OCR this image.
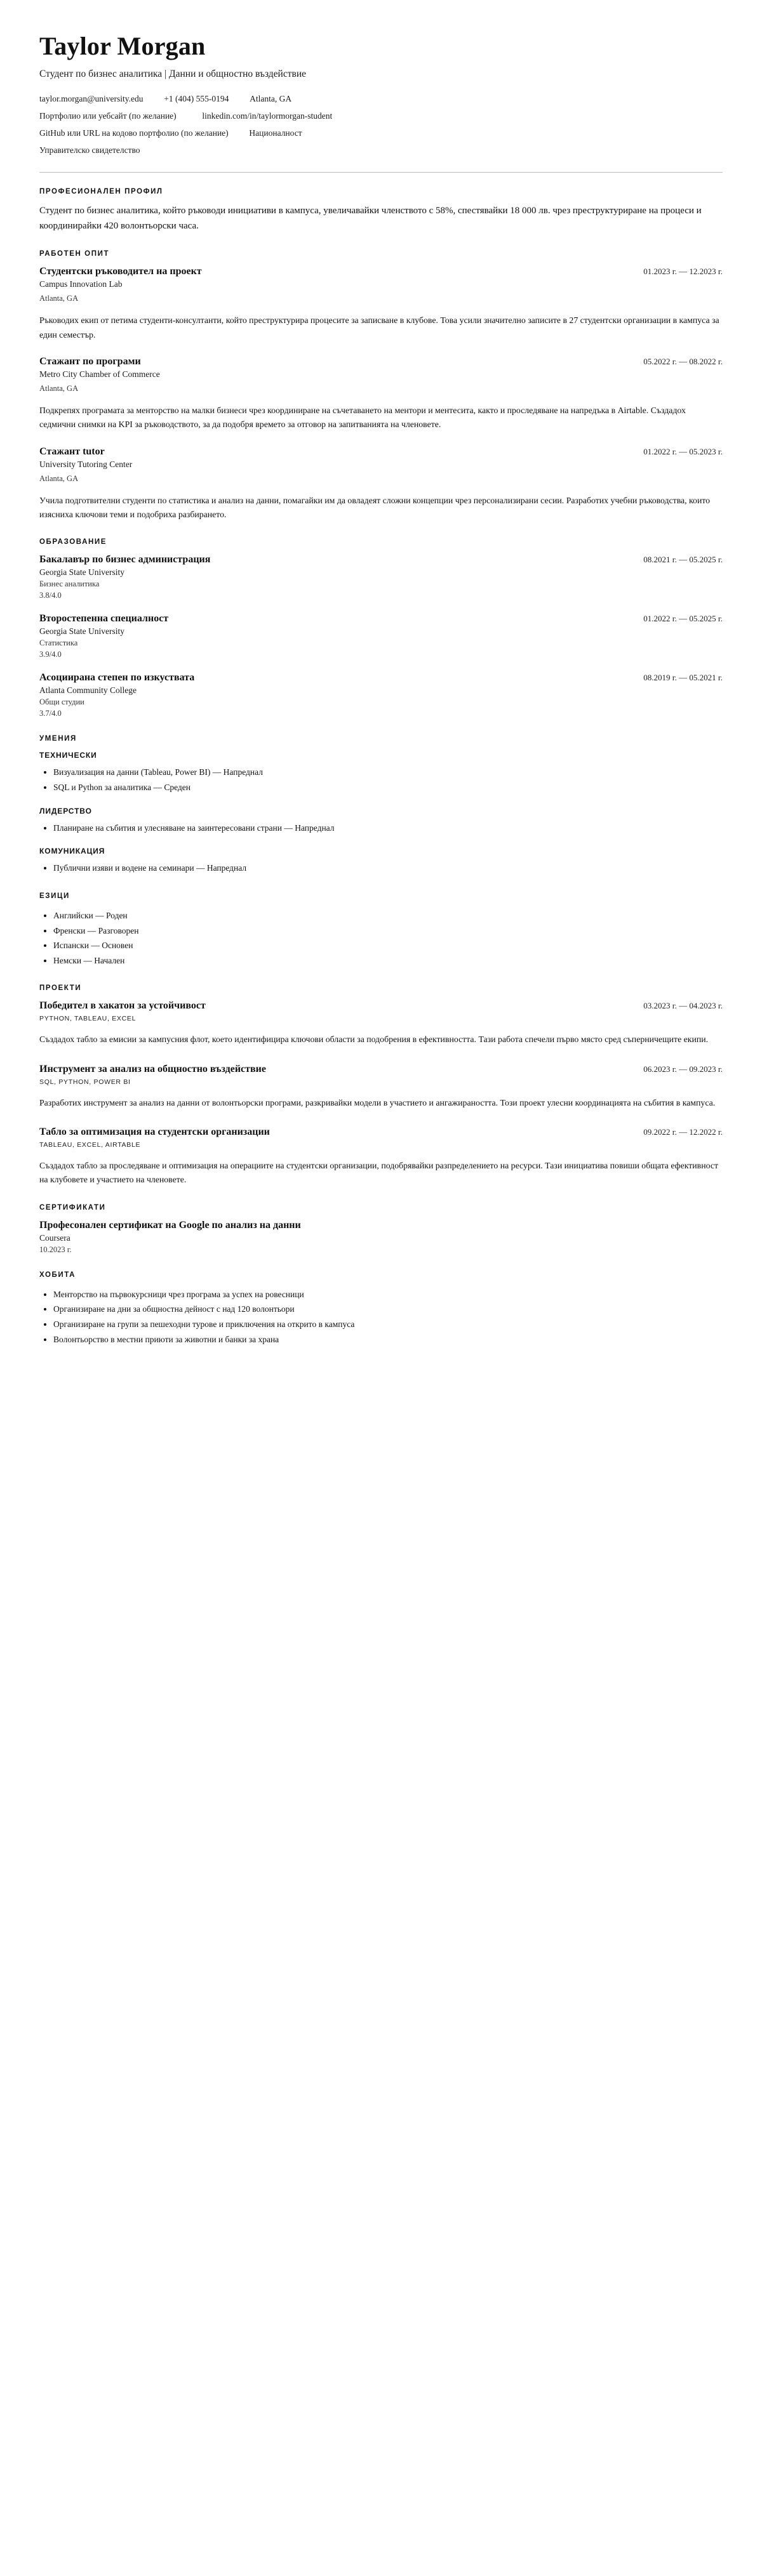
Taylor Morgan
Студент по бизнес аналитика | Данни и общностно въздействие
taylor.morgan@university.edu +1 (404) 555-0194 Atlanta, GA
Портфолио или уебсайт (по желание)	linkedin.com/in/taylormorgan-student
GitHub или URL на кодово портфолио (по желание) Националност
Управителско свидетелство
ПРОФЕСИОНАЛЕН ПРОФИЛ

Студент по бизнес аналитика, който ръководи инициативи в кампуса, увеличавайки членството с 58%, спестявайки 18 000 лв. чрез преструктуриране на процеси и координирайки 420 волонтьорски часа.

РАБОТЕН ОПИТ
Студентски ръководител на проект	01.2023 г. — 12.2023 г.
Campus Innovation Lab
Atlanta, GA

Ръководих екип от петима студенти-консултанти, който преструктурира процесите за записване в клубове. Това усили значително записите в 27 студентски организации в кампуса за един семестър.

Стажант по програми	05.2022 г. — 08.2022 г.
Metro City Chamber of Commerce
Atlanta, GA

Подкрепях програмата за менторство на малки бизнеси чрез координиране на съчетаването на ментори и ментесита, както и проследяване на напредъка в Airtable. Създадох седмични снимки на KPI за ръководството, за да подобря времето за отговор на запитванията на членовете.

Стажант tutor	01.2022 г. — 05.2023 г.
University Tutoring Center
Atlanta, GA

Учила подготвителни студенти по статистика и анализ на данни, помагайки им да овладеят сложни концепции чрез персонализирани сесии. Разработих учебни ръководства, които изясниха ключови теми и подобриха разбирането.

ОБРАЗОВАНИЕ
Бакалавър по бизнес администрация	08.2021 г. — 05.2025 г.
Georgia State University
Бизнес аналитика
3.8/4.0
Второстепенна специалност	01.2022 г. — 05.2025 г.
Georgia State University
Статистика
3.9/4.0
Асоциирана степен по изкуствата	08.2019 г. — 05.2021 г.
Atlanta Community College
Общи студии
3.7/4.0
УМЕНИЯ
ТЕХНИЧЕСКИ
• Визуализация на данни (Tableau, Power BI) — Напреднал
• SQL и Python за аналитика — Среден
ЛИДЕРСТВО
• Планиране на събития и улесняване на заинтересовани страни — Напреднал
КОМУНИКАЦИЯ
• Публични изяви и водене на семинари — Напреднал
ЕЗИЦИ
• Английски — Роден
• Френски — Разговорен
• Испански — Основен
• Немски — Начален
ПРОЕКТИ
Победител в хакатон за устойчивост	03.2023 г. — 04.2023 г.
PYTHON, TABLEAU, EXCEL

Създадох табло за емисии за кампусния флот, което идентифицира ключови области за подобрения в ефективността. Тази работа спечели първо място сред съперничещите екипи.

Инструмент за анализ на общностно въздействие	06.2023 г. — 09.2023 г.
SQL, PYTHON, POWER BI

Разработих инструмент за анализ на данни от волонтьорски програми, разкривайки модели в участието и ангажираността. Този проект улесни координацията на събития в кампуса.

Табло за оптимизация на студентски организации	09.2022 г. — 12.2022 г.
TABLEAU, EXCEL, AIRTABLE

Създадох табло за проследяване и оптимизация на операциите на студентски организации, подобрявайки разпределението на ресурси. Тази инициатива повиши общата ефективност на клубовете и участието на членовете.

СЕРТИФИКАТИ
Професонален сертификат на Google по анализ на данни
Coursera
10.2023 г.
ХОБИТА
• Менторство на първокурсници чрез програма за успех на ровесници
• Организиране на дни за общностна дейност с над 120 волонтьори
• Организиране на групи за пешеходни турове и приключения на открито в кампуса
• Волонтьорство в местни приюти за животни и банки за храна
